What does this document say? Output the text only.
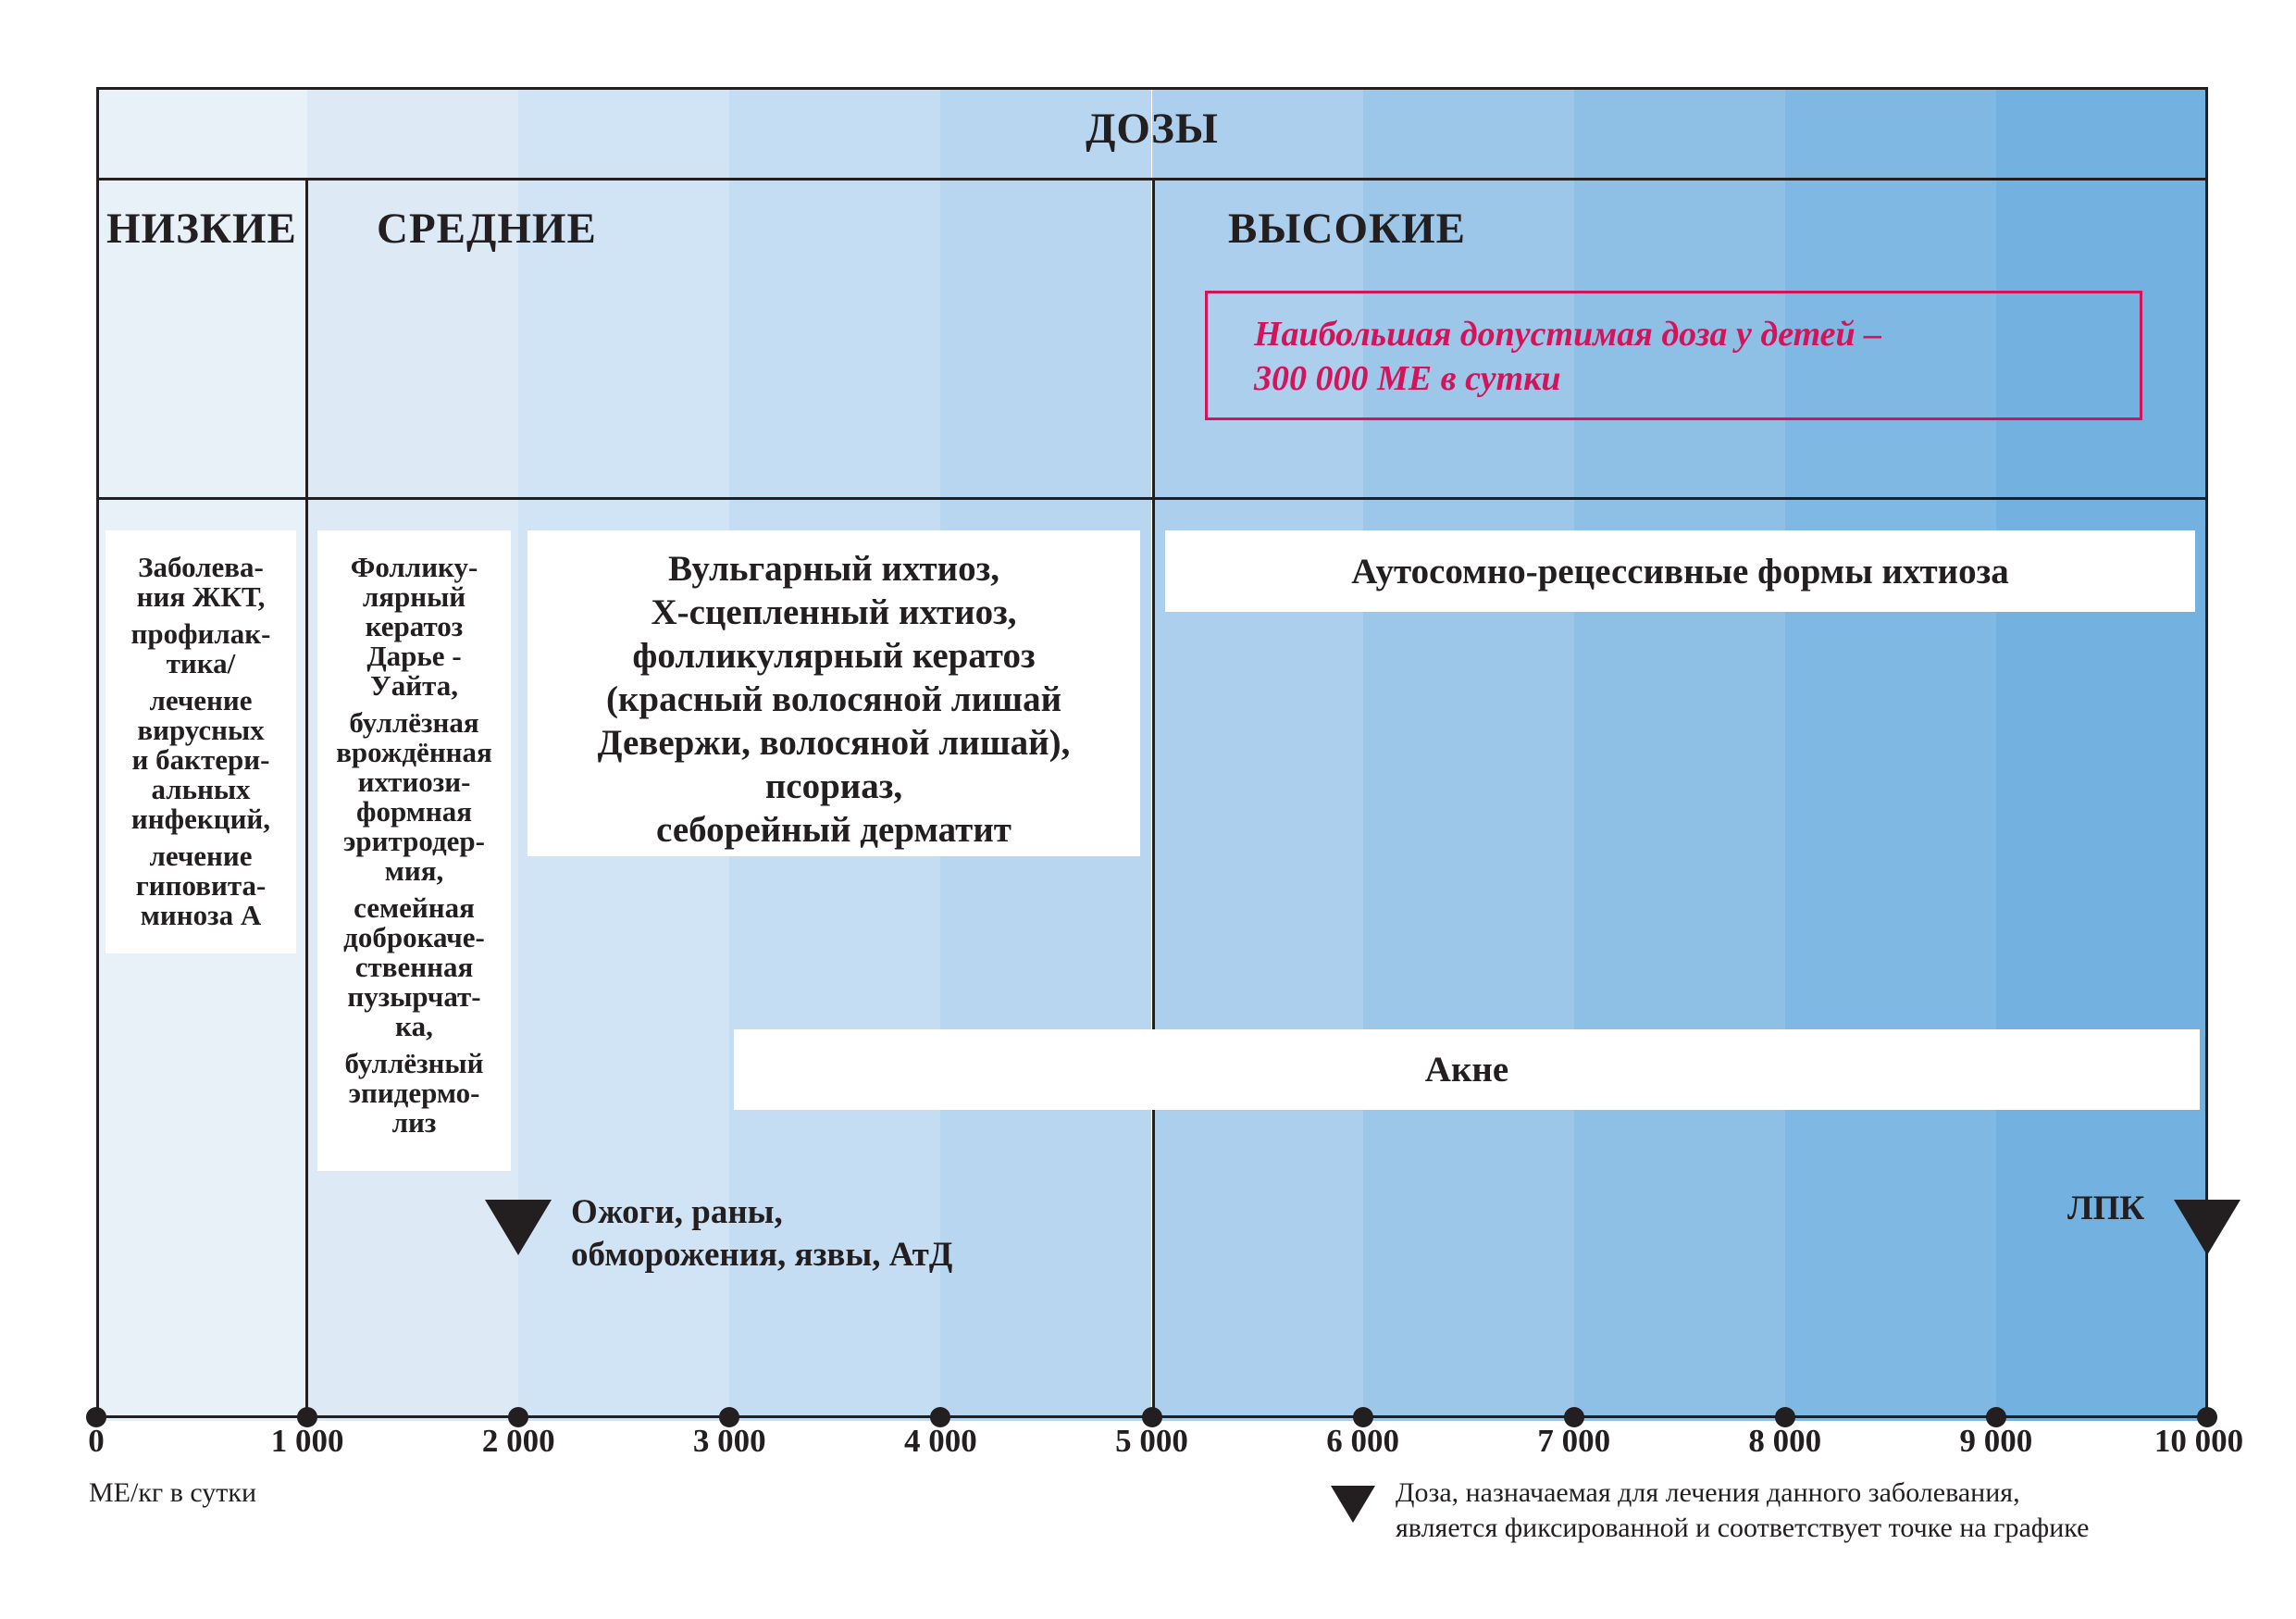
ДОЗЫ
НИЗКИЕ СРЕДНИЕ	ВЫСОКИЕ
Наибольшая допустимая доза у детей –
300 000 МЕ в сутки
Заболева-
ния ЖКТ,
профилак-
тика/
лечение
вирусных
и бактери-
альных
инфекций,
лечение
гиповита-
миноза А
Фоллику-
лярный
кератоз
Дарье -
Уайта,
буллёзная
врождённая
ихтиози-
формная
эритродер-
мия,
семейная
доброкаче-
ственная
пузырчат-
ка,
буллёзный
эпидермо-
лиз
Вульгарный ихтиоз,
Х-сцепленный ихтиоз,
фолликулярный кератоз
(красный волосяной лишай
Девержи, волосяной лишай),
псориаз,
себорейный дерматит
Аутосомно-рецессивные формы ихтиоза
Акне
Ожоги, раны,
обморожения, язвы, АтД
ЛПК
0	1 000	2 000	3 000	4 000	5 000	6 000	7 000	8 000	9 000	10 000
МЕ/кг в сутки	Доза, назначаемая для лечения данного заболевания,
является фиксированной и соответствует точке на графике
